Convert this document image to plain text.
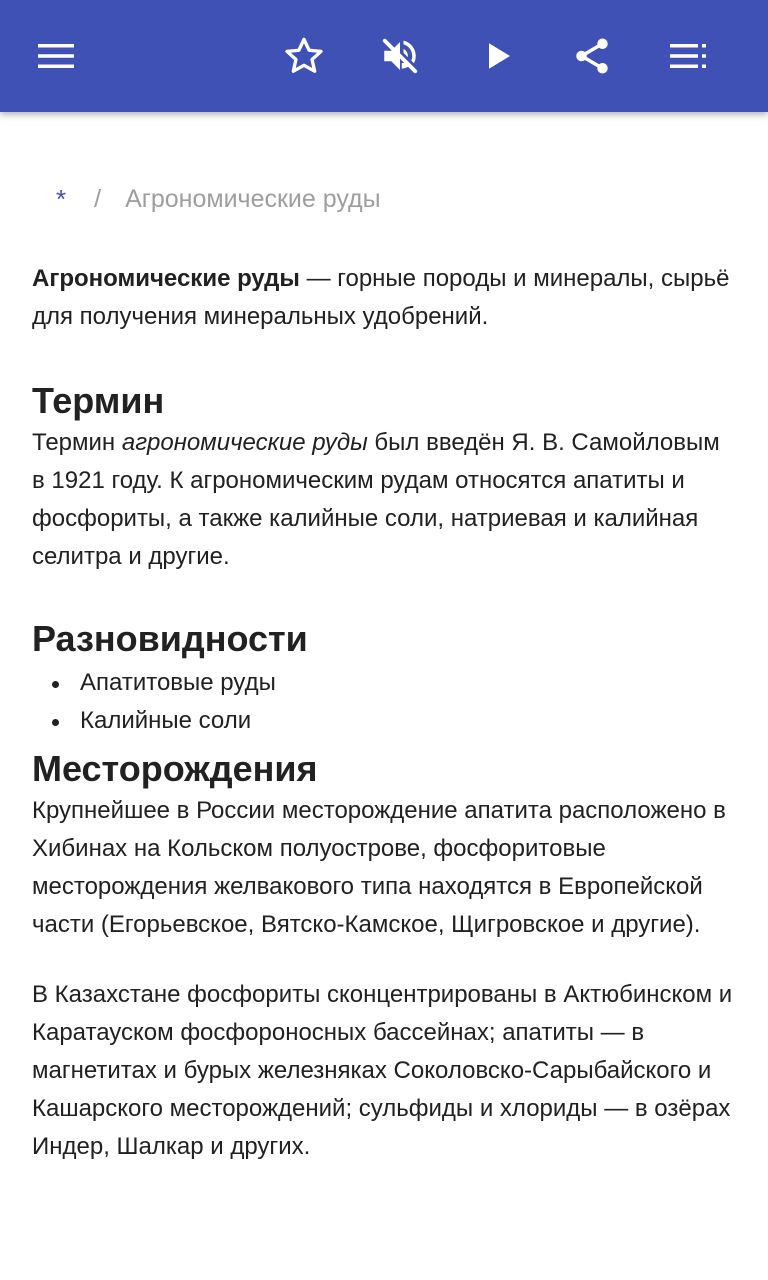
* / Агрономические руды

Агрономические руды — горные породы и минералы, сырьё для получения минеральных удобрений.

Термин

Термин агрономические руды был введён Я. В. Самойловым в 1921 году. К агрономическим рудам относятся апатиты и фосфориты, а также калийные соли, натриевая и калийная селитра и другие.

Разновидности
Апатитовые руды
Калийные соли
Месторождения

Крупнейшее в России месторождение апатита расположено в Хибинах на Кольском полуострове, фосфоритовые месторождения желвакового типа находятся в Европейской части (Егорьевское, Вятско-Камское, Щигровское и другие).

В Казахстане фосфориты сконцентрированы в Актюбинском и Каратауском фосфороносных бассейнах; апатиты — в магнетитах и бурых железняках Соколовско-Сарыбайского и Кашарского месторождений; сульфиды и хлориды — в озёрах Индер, Шалкар и других.
